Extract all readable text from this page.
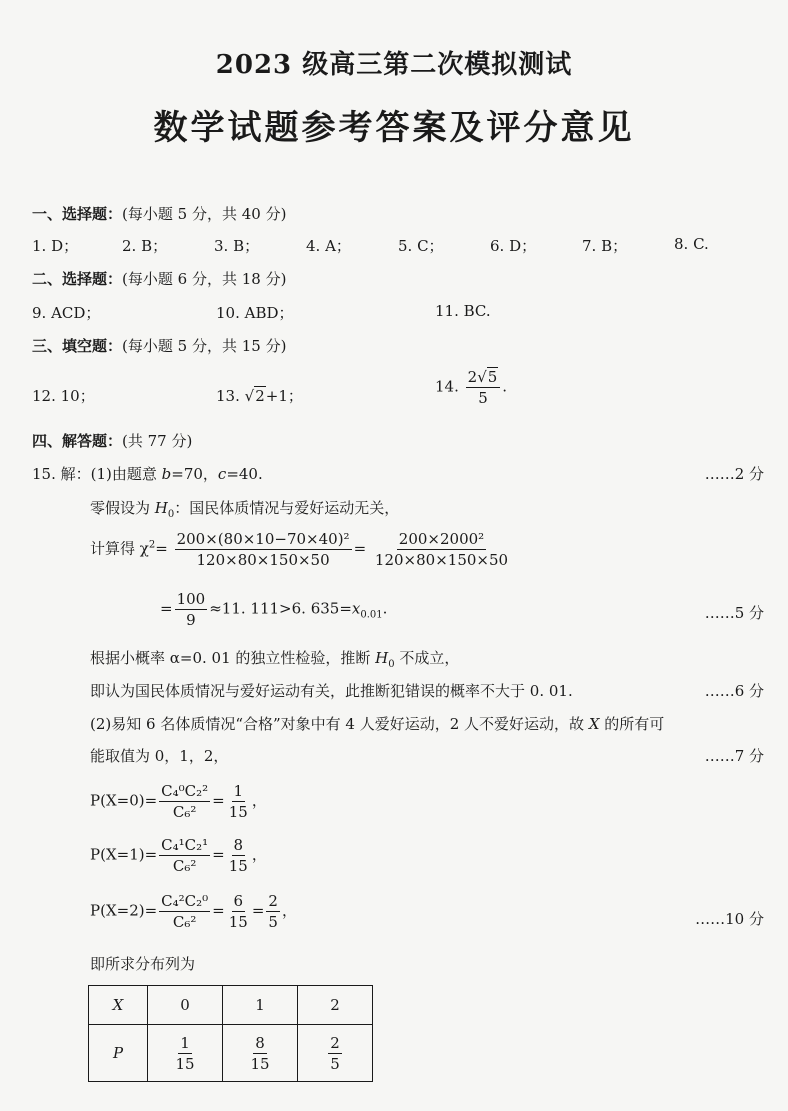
2023 级高三第二次模拟测试
数学试题参考答案及评分意见
一、选择题：(每小题 5 分，共 40 分)
1. D；	2. B；	3. B；	4. A；	5. C；	6. D；	7. B；	8. C.
二、选择题：(每小题 6 分，共 18 分)
9. ACD；	10. ABD；	11. BC.
三、填空题：(每小题 5 分，共 15 分)
12. 10；	13. √2+1；
14. $\frac{2√5}{5}$ .
四、解答题：(共 77 分)
15. 解：(1)由题意 b=70，c=40.	……2 分
零假设为 $H_0$：国民体质情况与爱好运动无关，
计算得 $\chi^2= \frac{\text{200×(80×10−70×40)²}}{120\times 80\times 150\times 50} = \frac{\text{200×2000²}}{120\times 80\times 150\times 50}$
= $\frac{100}{9} \approx 11$. 111>6. $635=x_{0.01}$.	……5 分
根据小概率 α=0. 01 的独立性检验，推断 $H_0$ 不成立，
即认为国民体质情况与爱好运动有关，此推断犯错误的概率不大于 0. 01.	……6 分
(2)易知 6 名体质情况“合格”对象中有 4 人爱好运动，2 人不爱好运动，故 X 的所有可
能取值为 0，1，2，	……7 分
$P(X=0)= \frac{\text{C₄⁰C₂²}}{\text{C₆²}} = \frac{1}{15}$ ，
$P(X=1)= \frac{\text{C₄¹C₂¹}}{\text{C₆²}} = \frac{8}{15}$ ，
$P(X=2)= \frac{\text{C₄²C₂⁰}}{\text{C₆²}} = \frac{6}{15} = \frac{2}{5}$ ，	……10 分
即所求分布列为
X	0	1	2
P	$\frac{1}{15}$	$\frac{8}{15}$	$\frac{2}{5}$
